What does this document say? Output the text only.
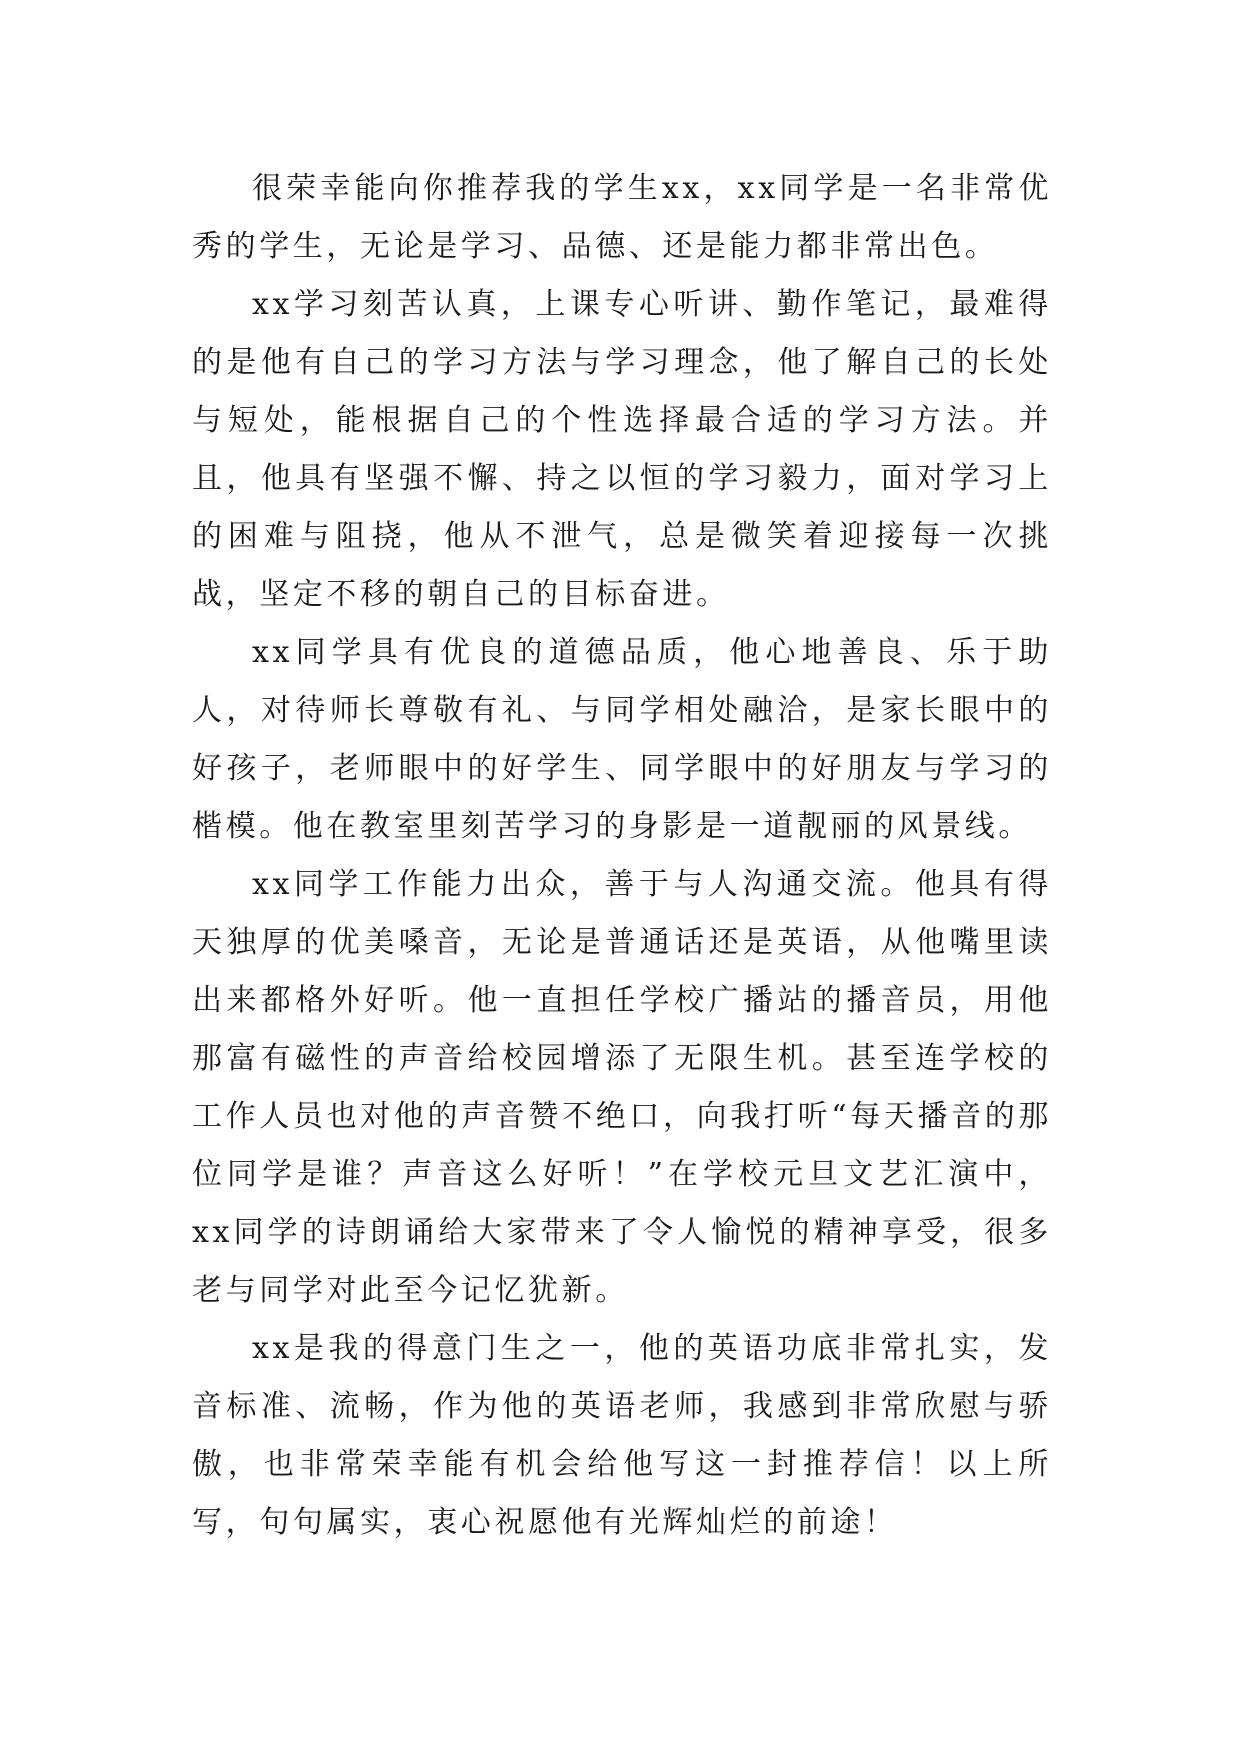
很荣幸能向你推荐我的学生xx，xx同学是一名非常优秀的学生，无论是学习、品德、还是能力都非常出色。

xx学习刻苦认真，上课专心听讲、勤作笔记，最难得的是他有自己的学习方法与学习理念，他了解自己的长处与短处，能根据自己的个性选择最合适的学习方法。并且，他具有坚强不懈、持之以恒的学习毅力，面对学习上的困难与阻挠，他从不泄气，总是微笑着迎接每一次挑战，坚定不移的朝自己的目标奋进。

xx同学具有优良的道德品质，他心地善良、乐于助人，对待师长尊敬有礼、与同学相处融洽，是家长眼中的好孩子，老师眼中的好学生、同学眼中的好朋友与学习的楷模。他在教室里刻苦学习的身影是一道靓丽的风景线。

xx同学工作能力出众，善于与人沟通交流。他具有得天独厚的优美嗓音，无论是普通话还是英语，从他嘴里读出来都格外好听。他一直担任学校广播站的播音员，用他那富有磁性的声音给校园增添了无限生机。甚至连学校的工作人员也对他的声音赞不绝口，向我打听“每天播音的那位同学是谁？声音这么好听！”在学校元旦文艺汇演中，xx同学的诗朗诵给大家带来了令人愉悦的精神享受，很多老与同学对此至今记忆犹新。

xx是我的得意门生之一，他的英语功底非常扎实，发音标准、流畅，作为他的英语老师，我感到非常欣慰与骄傲，也非常荣幸能有机会给他写这一封推荐信！以上所写，句句属实，衷心祝愿他有光辉灿烂的前途！
